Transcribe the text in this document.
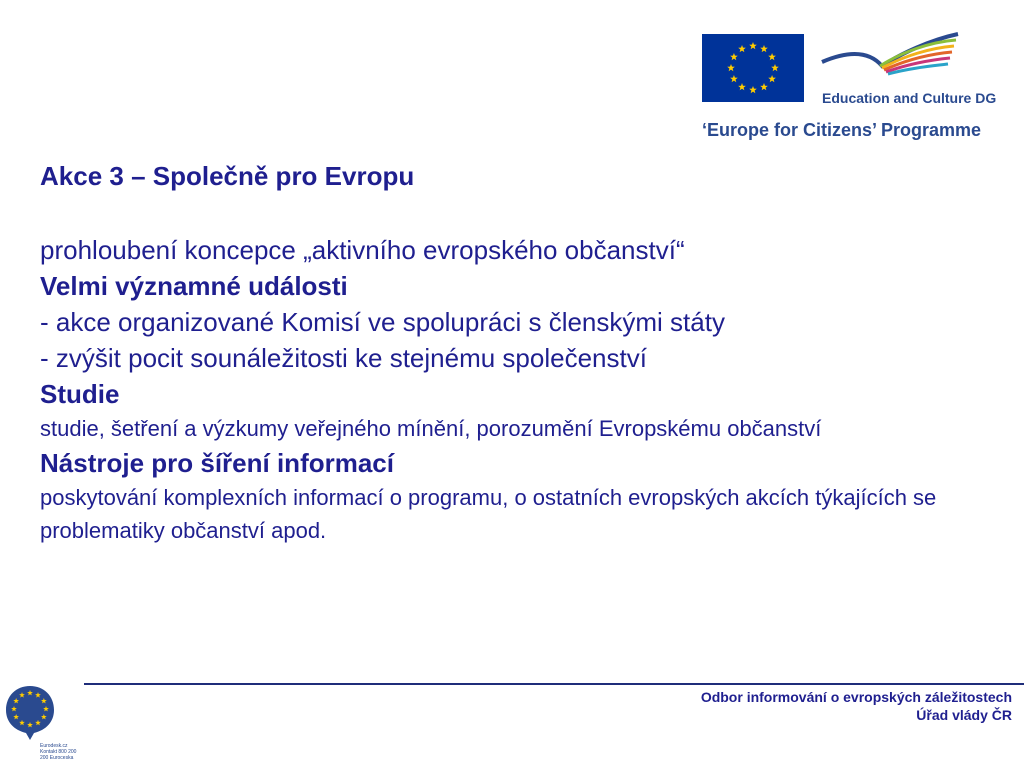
Education and Culture DG
‘Europe for Citizens’ Programme

Akce 3 – Společně pro Evropu

prohloubení koncepce „aktivního evropského občanství“

Velmi významné události

- akce organizované Komisí ve spolupráci s členskými státy

- zvýšit pocit sounáležitosti ke stejnému společenství

Studie

studie, šetření a výzkumy veřejného mínění, porozumění Evropskému občanství

Nástroje pro šíření informací

poskytování komplexních informací o programu, o ostatních evropských akcích týkajících se problematiky občanství apod.

Odbor informování o evropských záležitostech
Úřad vlády ČR
Eurodesk.cz Kontakt 800 200 200 Euroceska
